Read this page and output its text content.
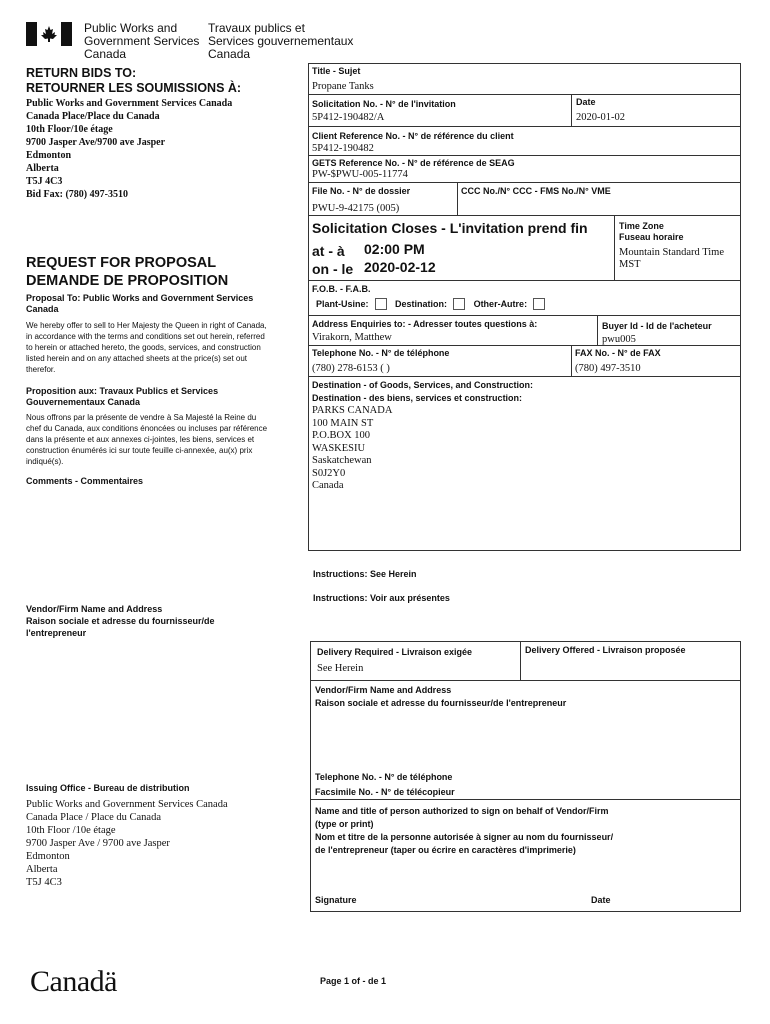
Public Works and
Government Services
Canada
Travaux publics et
Services gouvernementaux
Canada
RETURN BIDS TO:
RETOURNER LES SOUMISSIONS À:
Public Works and Government Services Canada
Canada Place/Place du Canada
10th Floor/10e étage
9700 Jasper Ave/9700 ave Jasper
Edmonton
Alberta
T5J 4C3
Bid Fax: (780) 497-3510
REQUEST FOR PROPOSAL
DEMANDE DE PROPOSITION
Proposal To: Public Works and Government Services Canada
We hereby offer to sell to Her Majesty the Queen in right of Canada, in accordance with the terms and conditions set out herein, referred to herein or attached hereto, the goods, services, and construction listed herein and on any attached sheets at the price(s) set out therefor.
Proposition aux: Travaux Publics et Services Gouvernementaux Canada
Nous offrons par la présente de vendre à Sa Majesté la Reine du chef du Canada, aux conditions énoncées ou incluses par référence dans la présente et aux annexes ci-jointes, les biens, services et construction énumérés ici sur toute feuille ci-annexée, au(x) prix indiqué(s).
Comments - Commentaires
Vendor/Firm Name and Address
Raison sociale et adresse du fournisseur/de l'entrepreneur
Issuing Office - Bureau de distribution
Public Works and Government Services Canada
Canada Place / Place du Canada
10th Floor /10e étage
9700 Jasper Ave / 9700 ave Jasper
Edmonton
Alberta
T5J 4C3
Title - Sujet
Propane Tanks
Solicitation No. - N° de l'invitation
5P412-190482/A
Date
2020-01-02
Client Reference No. - N° de référence du client
5P412-190482
GETS Reference No. - N° de référence de SEAG
PW-$PWU-005-11774
File No. - N° de dossier
PWU-9-42175 (005)
CCC No./N° CCC - FMS No./N° VME
Solicitation Closes - L'invitation prend fin
at - à 02:00 PM
on - le 2020-02-12
Time Zone
Fuseau horaire
Mountain Standard Time MST
F.O.B. - F.A.B.
Plant-Usine:	Destination:	Other-Autre:
Address Enquiries to: - Adresser toutes questions à:
Virakorn, Matthew
Buyer Id - Id de l'acheteur
pwu005
Telephone No. - N° de téléphone
(780) 278-6153 ( )
FAX No. - N° de FAX
(780) 497-3510
Destination - of Goods, Services, and Construction:
Destination - des biens, services et construction:
PARKS CANADA
100 MAIN ST
P.O.BOX 100
WASKESIU
Saskatchewan
S0J2Y0
Canada
Instructions: See Herein
Instructions: Voir aux présentes
Delivery Required - Livraison exigée
See Herein
Delivery Offered - Livraison proposée
Vendor/Firm Name and Address
Raison sociale et adresse du fournisseur/de l'entrepreneur
Telephone No. - N° de téléphone
Facsimile No. - N° de télécopieur
Name and title of person authorized to sign on behalf of Vendor/Firm
(type or print)
Nom et titre de la personne autorisée à signer au nom du fournisseur/
de l'entrepreneur (taper ou écrire en caractères d'imprimerie)
Signature	Date
Canadä	Page 1 of - de 1
